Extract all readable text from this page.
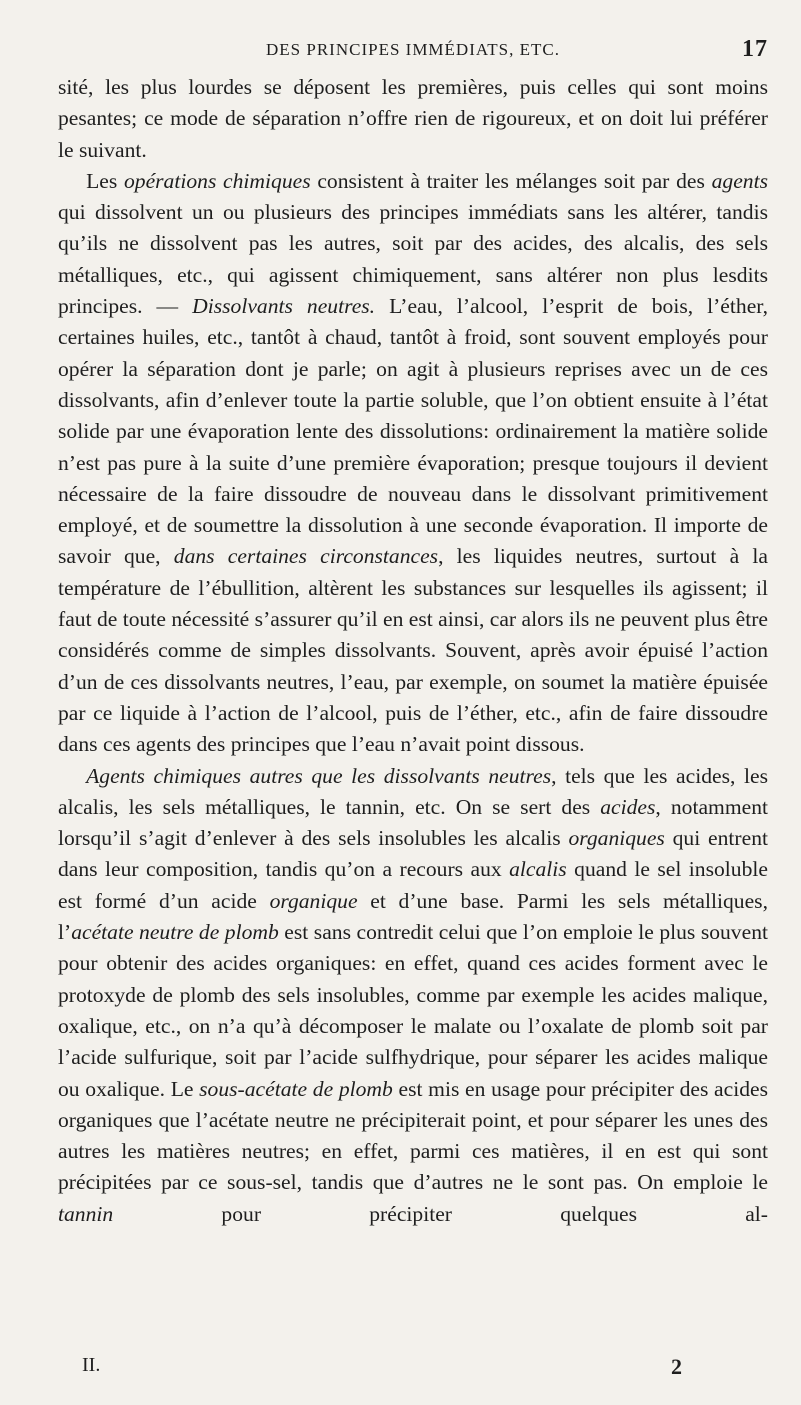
DES PRINCIPES IMMÉDIATS, ETC.	17

sité, les plus lourdes se déposent les premières, puis celles qui sont moins pesantes; ce mode de séparation n’offre rien de rigoureux, et on doit lui préférer le suivant.

Les opérations chimiques consistent à traiter les mélanges soit par des agents qui dissolvent un ou plusieurs des principes immédiats sans les altérer, tandis qu’ils ne dissolvent pas les autres, soit par des acides, des alcalis, des sels métalliques, etc., qui agissent chimiquement, sans altérer non plus lesdits principes. — Dissolvants neutres. L’eau, l’alcool, l’esprit de bois, l’éther, certaines huiles, etc., tantôt à chaud, tantôt à froid, sont souvent employés pour opérer la séparation dont je parle; on agit à plusieurs reprises avec un de ces dissolvants, afin d’enlever toute la partie soluble, que l’on obtient ensuite à l’état solide par une évaporation lente des dissolutions: ordinairement la matière solide n’est pas pure à la suite d’une première évaporation; presque toujours il devient nécessaire de la faire dissoudre de nouveau dans le dissolvant primitivement employé, et de soumettre la dissolution à une seconde évaporation. Il importe de savoir que, dans certaines circonstances, les liquides neutres, surtout à la température de l’ébullition, altèrent les substances sur lesquelles ils agissent; il faut de toute nécessité s’assurer qu’il en est ainsi, car alors ils ne peuvent plus être considérés comme de simples dissolvants. Souvent, après avoir épuisé l’action d’un de ces dissolvants neutres, l’eau, par exemple, on soumet la matière épuisée par ce liquide à l’action de l’alcool, puis de l’éther, etc., afin de faire dissoudre dans ces agents des principes que l’eau n’avait point dissous.

Agents chimiques autres que les dissolvants neutres, tels que les acides, les alcalis, les sels métalliques, le tannin, etc. On se sert des acides, notamment lorsqu’il s’agit d’enlever à des sels insolubles les alcalis organiques qui entrent dans leur composition, tandis qu’on a recours aux alcalis quand le sel insoluble est formé d’un acide organique et d’une base. Parmi les sels métalliques, l’acétate neutre de plomb est sans contredit celui que l’on emploie le plus souvent pour obtenir des acides organiques: en effet, quand ces acides forment avec le protoxyde de plomb des sels insolubles, comme par exemple les acides malique, oxalique, etc., on n’a qu’à décomposer le malate ou l’oxalate de plomb soit par l’acide sulfurique, soit par l’acide sulfhydrique, pour séparer les acides malique ou oxalique. Le sous-acétate de plomb est mis en usage pour précipiter des acides organiques que l’acétate neutre ne précipiterait point, et pour séparer les unes des autres les matières neutres; en effet, parmi ces matières, il en est qui sont précipitées par ce sous-sel, tandis que d’autres ne le sont pas. On emploie le tannin pour précipiter quelques al-

II.	2
